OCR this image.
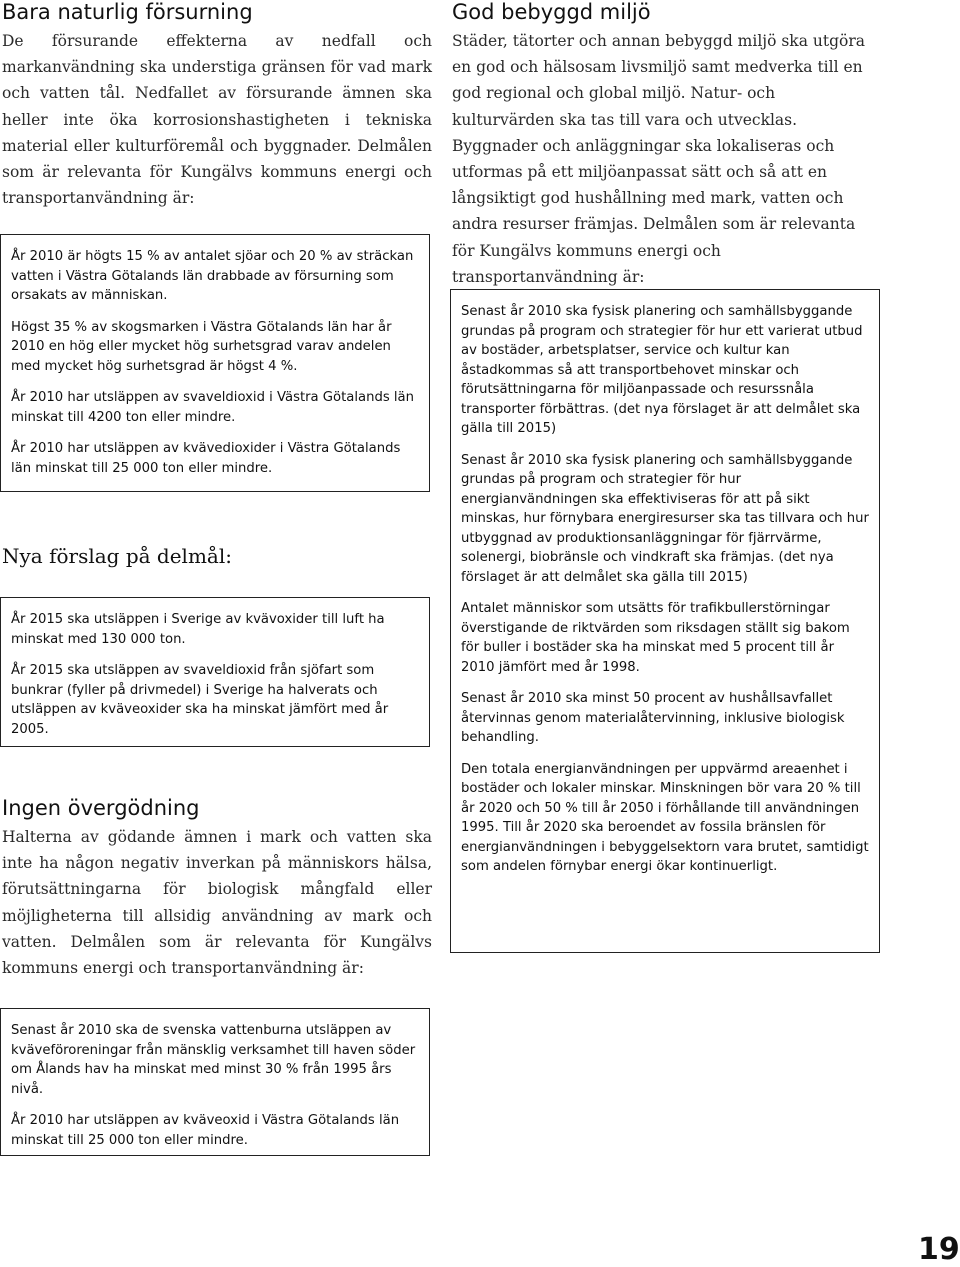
Bara naturlig försurning
De försurande effekterna av nedfall och markanvändning ska understiga gränsen för vad mark och vatten tål. Nedfallet av försurande ämnen ska heller inte öka korrosionshastigheten i tekniska material eller kulturföremål och byggnader. Delmålen som är relevanta för Kungälvs kommuns energi och transportanvändning är:

År 2010 är högts 15 % av antalet sjöar och 20 % av sträckan vatten i Västra Götalands län drabbade av försurning som orsakats av människan.

Högst 35 % av skogsmarken i Västra Götalands län har år 2010 en hög eller mycket hög surhetsgrad varav andelen med mycket hög surhetsgrad är högst 4 %.

År 2010 har utsläppen av svaveldioxid i Västra Götalands län minskat till 4200 ton eller mindre.

År 2010 har utsläppen av kvävedioxider i Västra Götalands län minskat till 25 000 ton eller mindre.

Nya förslag på delmål:

År 2015 ska utsläppen i Sverige av kvävoxider till luft ha minskat med 130 000 ton.

År 2015 ska utsläppen av svaveldioxid från sjöfart som bunkrar (fyller på drivmedel) i Sverige ha halverats och utsläppen av kväveoxider ska ha minskat jämfört med år 2005.

Ingen övergödning
Halterna av gödande ämnen i mark och vatten ska inte ha någon negativ inverkan på människors hälsa, förutsättningarna för biologisk mångfald eller möjligheterna till allsidig användning av mark och vatten. Delmålen som är relevanta för Kungälvs kommuns energi och transportanvändning är:

Senast år 2010 ska de svenska vattenburna utsläppen av kväveföroreningar från mänsklig verksamhet till haven söder om Ålands hav ha minskat med minst 30 % från 1995 års nivå.

År 2010 har utsläppen av kväveoxid i Västra Götalands län minskat till 25 000 ton eller mindre.

God bebyggd miljö
Städer, tätorter och annan bebyggd miljö ska utgöra en god och hälsosam livsmiljö samt medverka till en god regional och global miljö. Natur- och kulturvärden ska tas till vara och utvecklas. Byggnader och anläggningar ska lokaliseras och utformas på ett miljöanpassat sätt och så att en långsiktigt god hushållning med mark, vatten och andra resurser främjas. Delmålen som är relevanta för Kungälvs kommuns energi och transportanvändning är:

Senast år 2010 ska fysisk planering och samhällsbyggande grundas på program och strategier för hur ett varierat utbud av bostäder, arbetsplatser, service och kultur kan åstadkommas så att transportbehovet minskar och förutsättningarna för miljöanpassade och resurssnåla transporter förbättras. (det nya förslaget är att delmålet ska gälla till 2015)

Senast år 2010 ska fysisk planering och samhällsbyggande grundas på program och strategier för hur energianvändningen ska effektiviseras för att på sikt minskas, hur förnybara energiresurser ska tas tillvara och hur utbyggnad av produktionsanläggningar för fjärrvärme, solenergi, biobränsle och vindkraft ska främjas. (det nya förslaget är att delmålet ska gälla till 2015)

Antalet människor som utsätts för trafikbullerstörningar överstigande de riktvärden som riksdagen ställt sig bakom för buller i bostäder ska ha minskat med 5 procent till år 2010 jämfört med år 1998.

Senast år 2010 ska minst 50 procent av hushållsavfallet återvinnas genom materialåtervinning, inklusive biologisk behandling.

Den totala energianvändningen per uppvärmd areaenhet i bostäder och lokaler minskar. Minskningen bör vara 20 % till år 2020 och 50 % till år 2050 i förhållande till användningen 1995. Till år 2020 ska beroendet av fossila bränslen för energianvändningen i bebyggelsektorn vara brutet, samtidigt som andelen förnybar energi ökar kontinuerligt.

19
